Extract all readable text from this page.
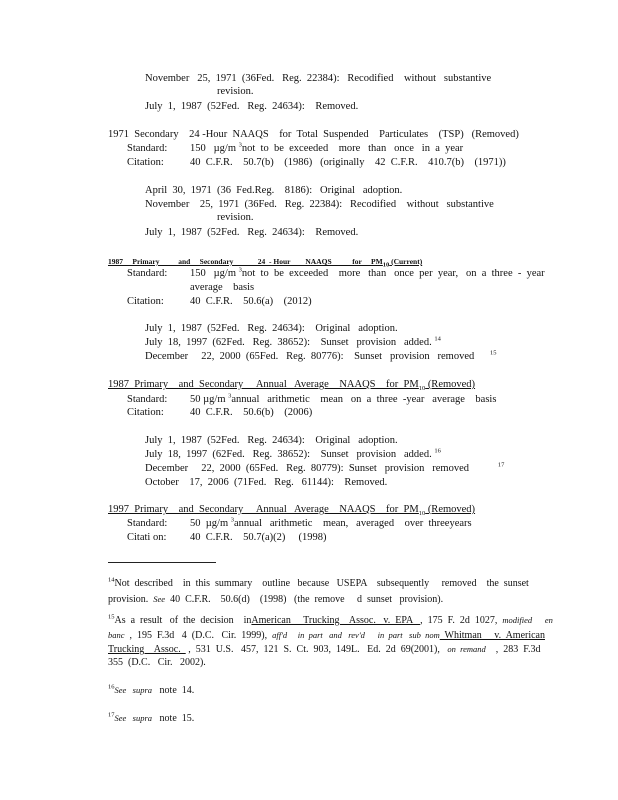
November   25,  1971  (36Fed.   Reg.  22384):   Recodified    without   substantive
revision.
July  1,  1987  (52Fed.   Reg.  24634):    Removed.
1971  Secondary    24 -Hour  NAAQS    for  Total  Suspended    Particulates    (TSP)   (Removed)
Standard: 150   µg/m $^3$not  to  be  exceeded    more   than   once   in  a  year
Citation:	40  C.F.R.    50.7(b)    (1986)   (originally    42  C.F.R.    410.7(b)    (1971))
April  30,  1971  (36  Fed.Reg.    8186):   Original   adoption.
November    25,  1971  (36Fed.   Reg.  22384):   Recodified    without   substantive
revision.
July  1,  1987  (52Fed.   Reg.  24634):    Removed.
1987     Primary          and     Secondary             24  - Hour        NAAQS           for     $PM_{10}$ (Current)
Standard: 150   µg/m $^3$not  to  be  exceeded    more   than   once  per  year,   on  a  three  -  year
average    basis
Citation:	40  C.F.R.    50.6(a)    (2012)
July  1,  1987  (52Fed.   Reg.  24634):    Original   adoption.
July  18,  1997  (62Fed.   Reg.  38652):    Sunset   provision   added. $^{14}$
December     22,  2000  (65Fed.   Reg.  80776):    Sunset   provision   removed $^{15}$
1987  Primary    and  Secondary     Annual   Average    NAAQS    for  $PM_{10}$ (Removed)
Standard: 50 µg/m $^3$annual   arithmetic    mean   on  a  three  -year   average    basis
Citation:	40  C.F.R.    50.6(b)    (2006)
July  1,  1987  (52Fed.   Reg.  24634):    Original   adoption.
July  18,  1997  (62Fed.   Reg.  38652):    Sunset   provision   added. $^{16}$
December     22,  2000  (65Fed.   Reg.  80779):  Sunset   provision   removed	$^{17}$
October    17,  2006  (71Fed.   Reg.   61144):    Removed.
1997  Primary    and  Secondary     Annual   Average    NAAQS    for  $PM_{10}$ (Removed)
Standard: 50  µg/m $^3$annual   arithmetic    mean,   averaged    over  threeyears
Citati on: 40  C.F.R.    50.7(a)(2)     (1998)
$^{14}$Not  described    in  this  summary    outline   because   USEPA    subsequently     removed    the  sunset
provision.  See  40  C.F.R.    50.6(d)    (1998)   (the  remove     d  sunset   provision).
$^{15}$As  a  result   of  the  decision    inAmerican     Trucking    Assoc.   v.  EPA   ,  175  F.  2d  1027,  modified      en
banc  ,  195  F.3d   4  (D.C.   Cir.  1999),  aff'd     in  part   and   rev'd      in  part   sub  nom  Whitman     v.  American
Trucking    Assoc.   ,  531  U.S.   457,  121  S.  Ct.  903,  149L.   Ed.  2d  69(2001),   on  remand    ,  283  F.3d
355  (D.C.   Cir.   2002).
$^{16}$See   supra   note  14.
$^{17}$See   supra   note  15.
